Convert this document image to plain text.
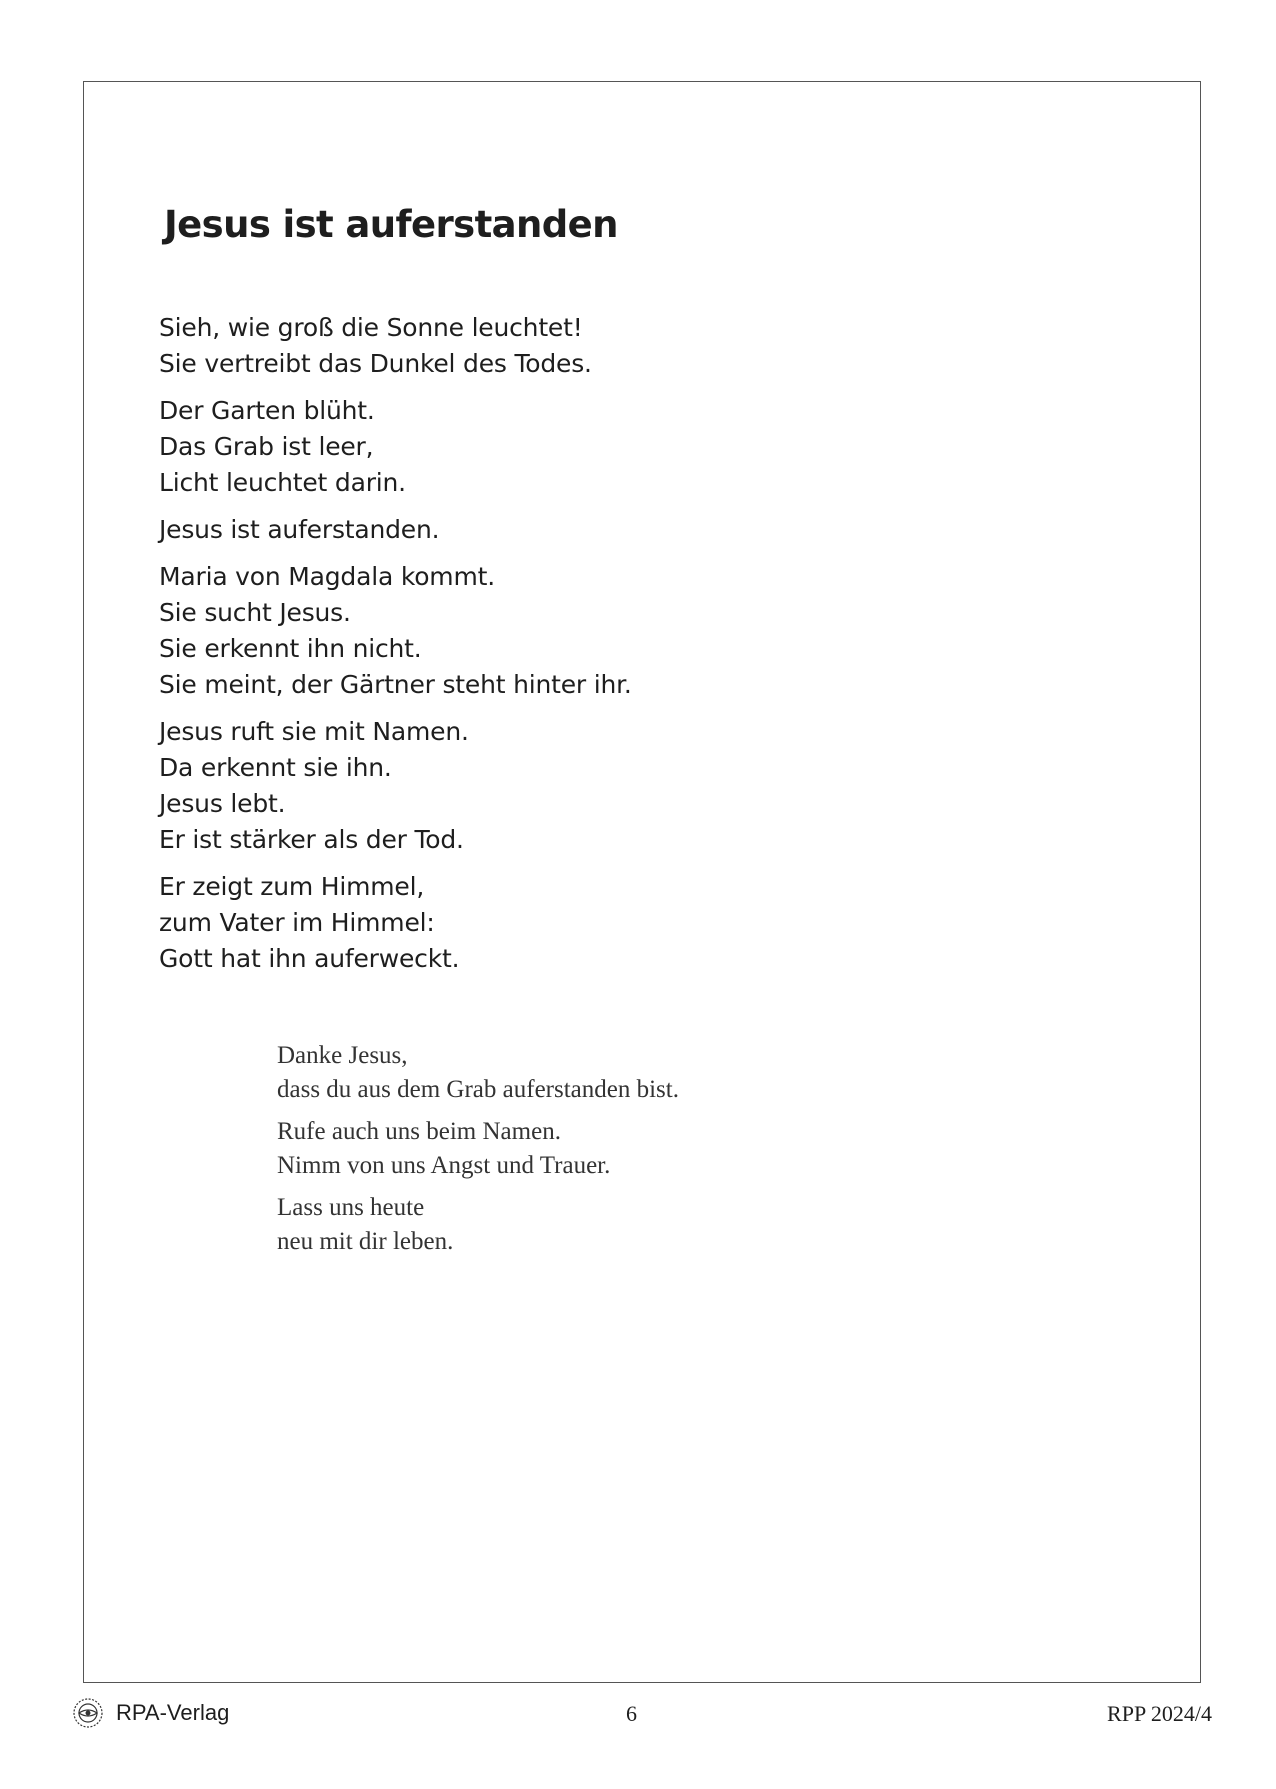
Jesus ist auferstanden
Sieh, wie groß die Sonne leuchtet!
Sie vertreibt das Dunkel des Todes.
Der Garten blüht.
Das Grab ist leer,
Licht leuchtet darin.
Jesus ist auferstanden.
Maria von Magdala kommt.
Sie sucht Jesus.
Sie erkennt ihn nicht.
Sie meint, der Gärtner steht hinter ihr.
Jesus ruft sie mit Namen.
Da erkennt sie ihn.
Jesus lebt.
Er ist stärker als der Tod.
Er zeigt zum Himmel,
zum Vater im Himmel:
Gott hat ihn auferweckt.
Danke Jesus,
dass du aus dem Grab auferstanden bist.
Rufe auch uns beim Namen.
Nimm von uns Angst und Trauer.
Lass uns heute
neu mit dir leben.
RPA-Verlag	6	RPP 2024/4
